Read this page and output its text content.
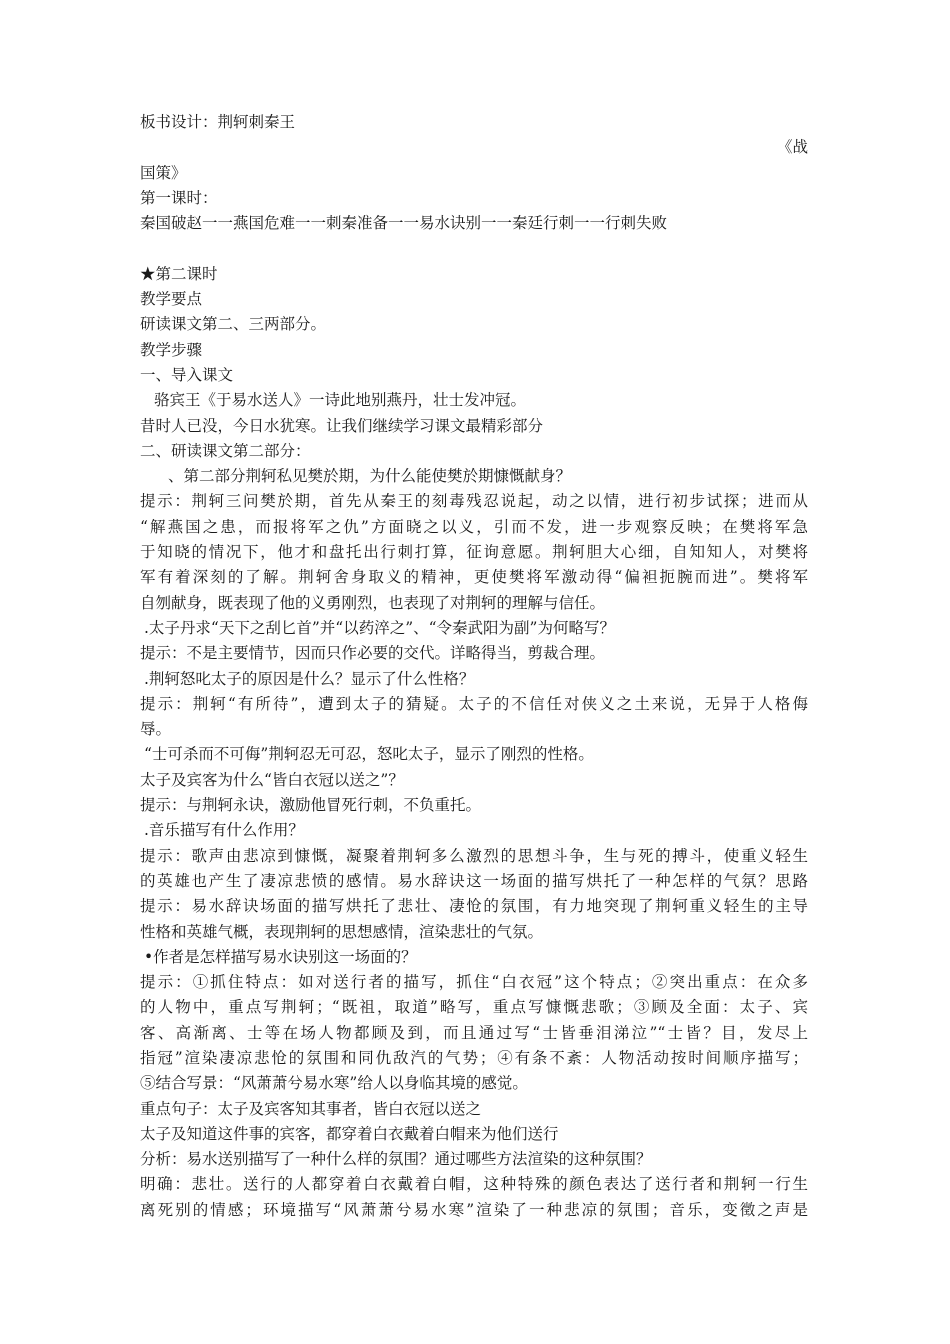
板书设计：荆轲刺秦王
《战
国策》
第一课时：
秦国破赵一一燕国危难一一刺秦准备一一易水诀别一一秦廷行刺一一行刺失败
★第二课时
教学要点
研读课文第二、三两部分。
教学步骤
一、导入课文
骆宾王《于易水送人》一诗此地别燕丹，壮士发冲冠。
昔时人已没，今日水犹寒。让我们继续学习课文最精彩部分
二、研读课文第二部分：
、第二部分荆轲私见樊於期，为什么能使樊於期慷慨献身？
提示：荆轲三问樊於期，首先从秦王的刻毒残忍说起，动之以情，进行初步试探；进而从
“解燕国之患，而报将军之仇”方面晓之以义，引而不发，进一步观察反映；在樊将军急
于知晓的情况下，他才和盘托出行刺打算，征询意愿。荆轲胆大心细，自知知人，对樊将
军有着深刻的了解。荆轲舍身取义的精神，更使樊将军激动得“偏袒扼腕而进”。樊将军
自刎献身，既表现了他的义勇刚烈，也表现了对荆轲的理解与信任。
.太子丹求“天下之刮匕首”并“以药淬之”、“令秦武阳为副”为何略写？
提示：不是主要情节，因而只作必要的交代。详略得当，剪裁合理。
.荆轲怒叱太子的原因是什么？显示了什么性格？
提示：荆轲“有所待”，遭到太子的猜疑。太子的不信任对侠义之土来说，无异于人格侮
辱。
“士可杀而不可侮”荆轲忍无可忍，怒叱太子，显示了刚烈的性格。
太子及宾客为什么“皆白衣冠以送之”？
提示：与荆轲永诀，激励他冒死行刺，不负重托。
.音乐描写有什么作用？
提示：歌声由悲凉到慷慨，凝聚着荆轲多么激烈的思想斗争，生与死的搏斗，使重义轻生
的英雄也产生了凄凉悲愤的感情。易水辞诀这一场面的描写烘托了一种怎样的气氛？思路
提示：易水辞诀场面的描写烘托了悲壮、凄怆的氛围，有力地突现了荆轲重义轻生的主导
性格和英雄气概，表现荆轲的思想感情，渲染悲壮的气氛。
•作者是怎样描写易水诀别这一场面的？
提示：①抓住特点：如对送行者的描写，抓住“白衣冠”这个特点；②突出重点：在众多
的人物中，重点写荆轲；“既祖，取道”略写，重点写慷慨悲歌；③顾及全面：太子、宾
客、高渐离、士等在场人物都顾及到，而且通过写“士皆垂泪涕泣”“士皆？目，发尽上
指冠”渲染凄凉悲怆的氛围和同仇敌汽的气势；④有条不紊：人物活动按时间顺序描写；
⑤结合写景：“风萧萧兮易水寒”给人以身临其境的感觉。
重点句子：太子及宾客知其事者，皆白衣冠以送之
太子及知道这件事的宾客，都穿着白衣戴着白帽来为他们送行
分析：易水送别描写了一种什么样的氛围？通过哪些方法渲染的这种氛围？
明确：悲壮。送行的人都穿着白衣戴着白帽，这种特殊的颜色表达了送行者和荆轲一行生
离死别的情感；环境描写“风萧萧兮易水寒”渲染了一种悲凉的氛围；音乐，变徵之声是
